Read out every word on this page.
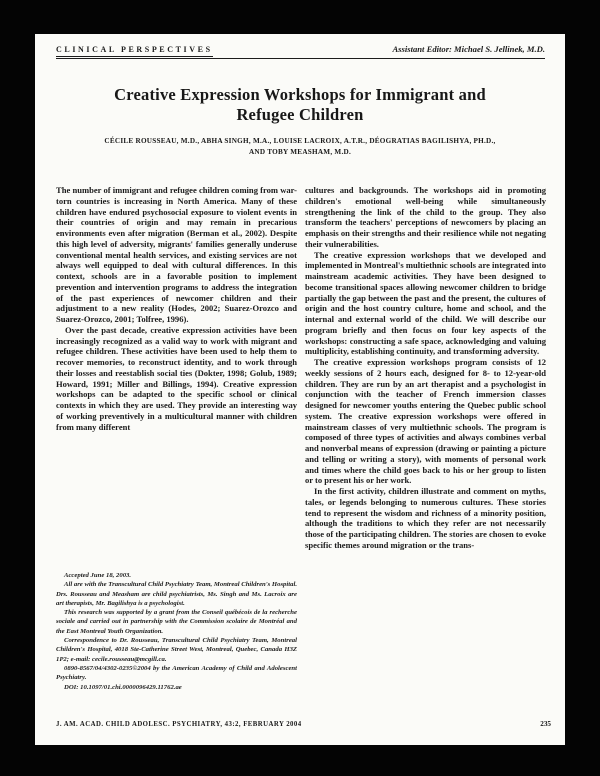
CLINICAL PERSPECTIVES	Assistant Editor: Michael S. Jellinek, M.D.
Creative Expression Workshops for Immigrant and
Refugee Children
CÉCILE ROUSSEAU, M.D., ABHA SINGH, M.A., LOUISE LACROIX, A.T.R., DÉOGRATIAS BAGILISHYA, PH.D.,
AND TOBY MEASHAM, M.D.

The number of immigrant and refugee children coming from war-torn countries is increasing in North America. Many of these children have endured psychosocial exposure to violent events in their countries of origin and may remain in precarious environments even after migration (Berman et al., 2002). Despite this high level of adversity, migrants' families generally underuse conventional mental health services, and existing services are not always well equipped to deal with cultural differences. In this context, schools are in a favorable position to implement prevention and intervention programs to address the integration of the past experiences of newcomer children and their adjustment to a new reality (Hodes, 2002; Suarez-Orozco and Suarez-Orozco, 2001; Tolfree, 1996).

Over the past decade, creative expression activities have been increasingly recognized as a valid way to work with migrant and refugee children. These activities have been used to help them to recover memories, to reconstruct identity, and to work through their losses and reestablish social ties (Dokter, 1998; Golub, 1989; Howard, 1991; Miller and Billings, 1994). Creative expression workshops can be adapted to the specific school or clinical contexts in which they are used. They provide an interesting way of working preventively in a multicultural manner with children from many different

Accepted June 18, 2003.

All are with the Transcultural Child Psychiatry Team, Montreal Children's Hospital. Drs. Rousseau and Measham are child psychiatrists, Ms. Singh and Ms. Lacroix are art therapists, Mr. Bagilishya is a psychologist.

This research was supported by a grant from the Conseil québécois de la recherche sociale and carried out in partnership with the Commission scolaire de Montréal and the East Montreal Youth Organization.

Correspondence to Dr. Rousseau, Transcultural Child Psychiatry Team, Montreal Children's Hospital, 4018 Ste-Catherine Street West, Montreal, Quebec, Canada H3Z 1P2; e-mail: cecile.rousseau@mcgill.ca.

0890-8567/04/4302-0235©2004 by the American Academy of Child and Adolescent Psychiatry.

DOI: 10.1097/01.chi.0000096429.11762.ae

cultures and backgrounds. The workshops aid in promoting children's emotional well-being while simultaneously strengthening the link of the child to the group. They also transform the teachers' perceptions of newcomers by placing an emphasis on their strengths and their resilience while not negating their vulnerabilities.

The creative expression workshops that we developed and implemented in Montreal's multiethnic schools are integrated into mainstream academic activities. They have been designed to become transitional spaces allowing newcomer children to bridge partially the gap between the past and the present, the cultures of origin and the host country culture, home and school, and the internal and external world of the child. We will describe our program briefly and then focus on four key aspects of the workshops: constructing a safe space, acknowledging and valuing multiplicity, establishing continuity, and transforming adversity.

The creative expression workshops program consists of 12 weekly sessions of 2 hours each, designed for 8- to 12-year-old children. They are run by an art therapist and a psychologist in conjunction with the teacher of French immersion classes designed for newcomer youths entering the Quebec public school system. The creative expression workshops were offered in mainstream classes of very multiethnic schools. The program is composed of three types of activities and always combines verbal and nonverbal means of expression (drawing or painting a picture and telling or writing a story), with moments of personal work and times where the child goes back to his or her group to listen or to present his or her work.

In the first activity, children illustrate and comment on myths, tales, or legends belonging to numerous cultures. These stories tend to represent the wisdom and richness of a minority position, although the traditions to which they refer are not necessarily those of the participating children. The stories are chosen to evoke specific themes around migration or the trans-

J. AM. ACAD. CHILD ADOLESC. PSYCHIATRY, 43:2, FEBRUARY 2004	235
